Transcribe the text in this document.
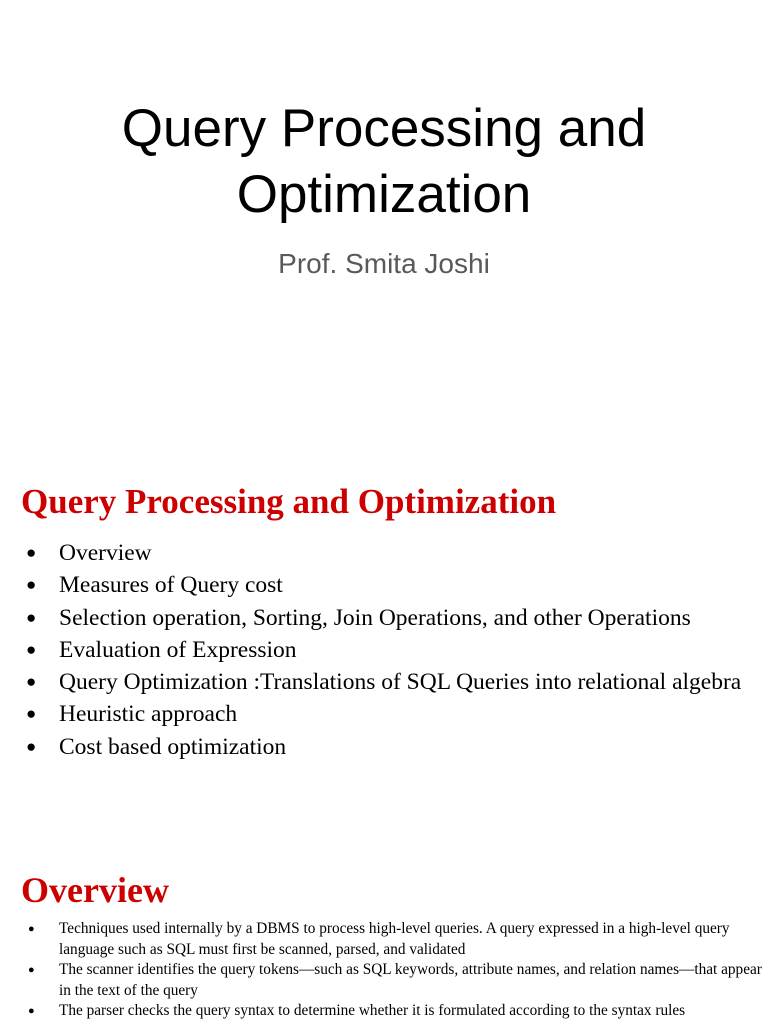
Query Processing and
Optimization
Prof. Smita Joshi
Query Processing and Optimization
● Overview
● Measures of Query cost
● Selection operation, Sorting, Join Operations, and other Operations
● Evaluation of Expression
● Query Optimization :Translations of SQL Queries into relational algebra
● Heuristic approach
● Cost based optimization
Overview
● Techniques used internally by a DBMS to process high-level queries. A query expressed in a high-level query language such as SQL must first be scanned, parsed, and validated
● The scanner identifies the query tokens—such as SQL keywords, attribute names, and relation names—that appear in the text of the query
● The parser checks the query syntax to determine whether it is formulated according to the syntax rules
